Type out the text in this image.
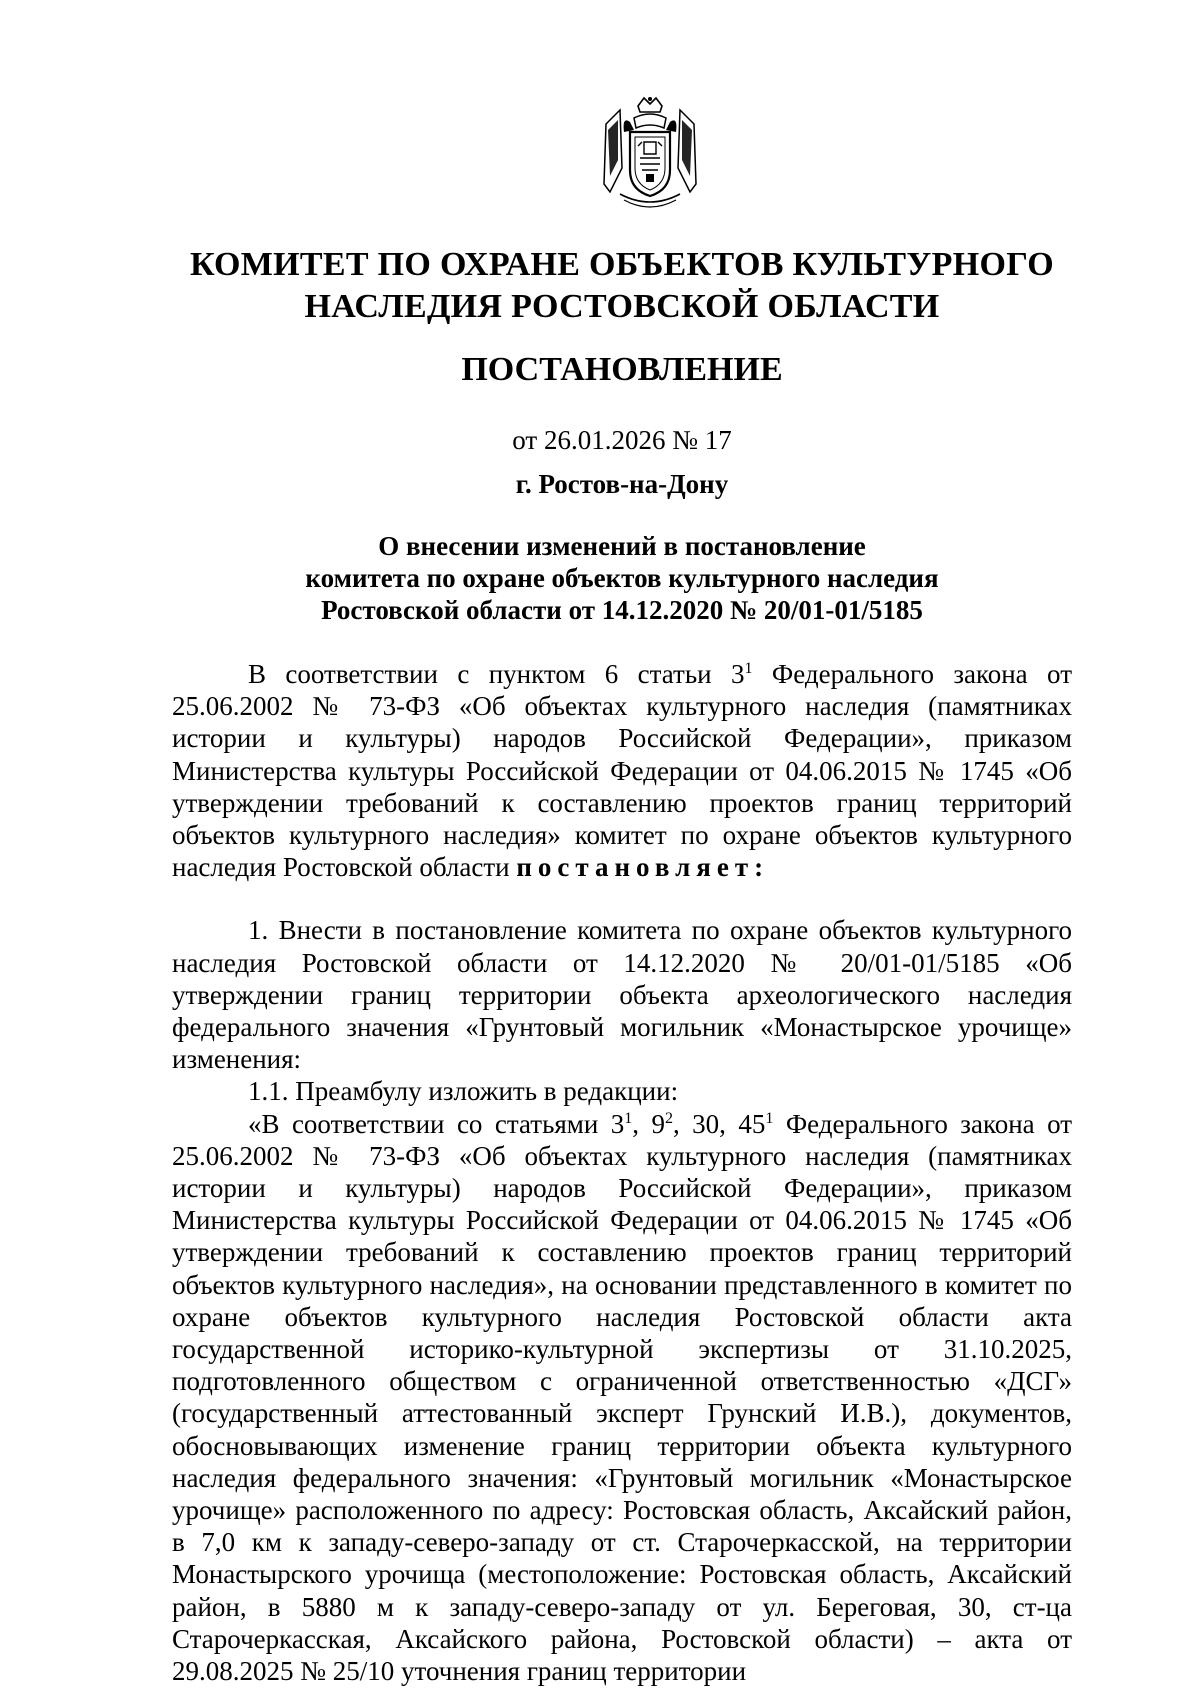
КОМИТЕТ ПО ОХРАНЕ ОБЪЕКТОВ КУЛЬТУРНОГО
НАСЛЕДИЯ РОСТОВСКОЙ ОБЛАСТИ
ПОСТАНОВЛЕНИЕ
от 26.01.2026 № 17
г. Ростов-на-Дону
О внесении изменений в постановление
комитета по охране объектов культурного наследия
Ростовской области от 14.12.2020 № 20/01-01/5185

В соответствии с пунктом 6 статьи $3^1$ Федерального закона от 25.06.2002 № 73-ФЗ «Об объектах культурного наследия (памятниках истории и культуры) народов Российской Федерации», приказом Министерства культуры Российской Федерации от 04.06.2015 № 1745 «Об утверждении требований к составлению проектов границ территорий объектов культурного наследия» комитет по охране объектов культурного наследия Ростовской области постановляет:

1. Внести в постановление комитета по охране объектов культурного наследия Ростовской области от 14.12.2020 № 20/01-01/5185 «Об утверждении границ территории объекта археологического наследия федерального значения «Грунтовый могильник «Монастырское урочище» изменения:

1.1. Преамбулу изложить в редакции:

«В соответствии со статьями $3^1$, $9^2$, 30, $45^1$ Федерального закона от 25.06.2002 № 73-ФЗ «Об объектах культурного наследия (памятниках истории и культуры) народов Российской Федерации», приказом Министерства культуры Российской Федерации от 04.06.2015 № 1745 «Об утверждении требований к составлению проектов границ территорий объектов культурного наследия», на основании представленного в комитет по охране объектов культурного наследия Ростовской области акта государственной историко-культурной экспертизы от 31.10.2025, подготовленного обществом с ограниченной ответственностью «ДСГ» (государственный аттестованный эксперт Грунский И.В.), документов, обосновывающих изменение границ территории объекта культурного наследия федерального значения: «Грунтовый могильник «Монастырское урочище» расположенного по адресу: Ростовская область, Аксайский район, в 7,0 км к западу-северо-западу от ст. Старочеркасской, на территории Монастырского урочища (местоположение: Ростовская область, Аксайский район, в 5880 м к западу-северо-западу от ул. Береговая, 30, ст-ца Старочеркасская, Аксайского района, Ростовской области) – акта от 29.08.2025 № 25/10 уточнения границ территории
